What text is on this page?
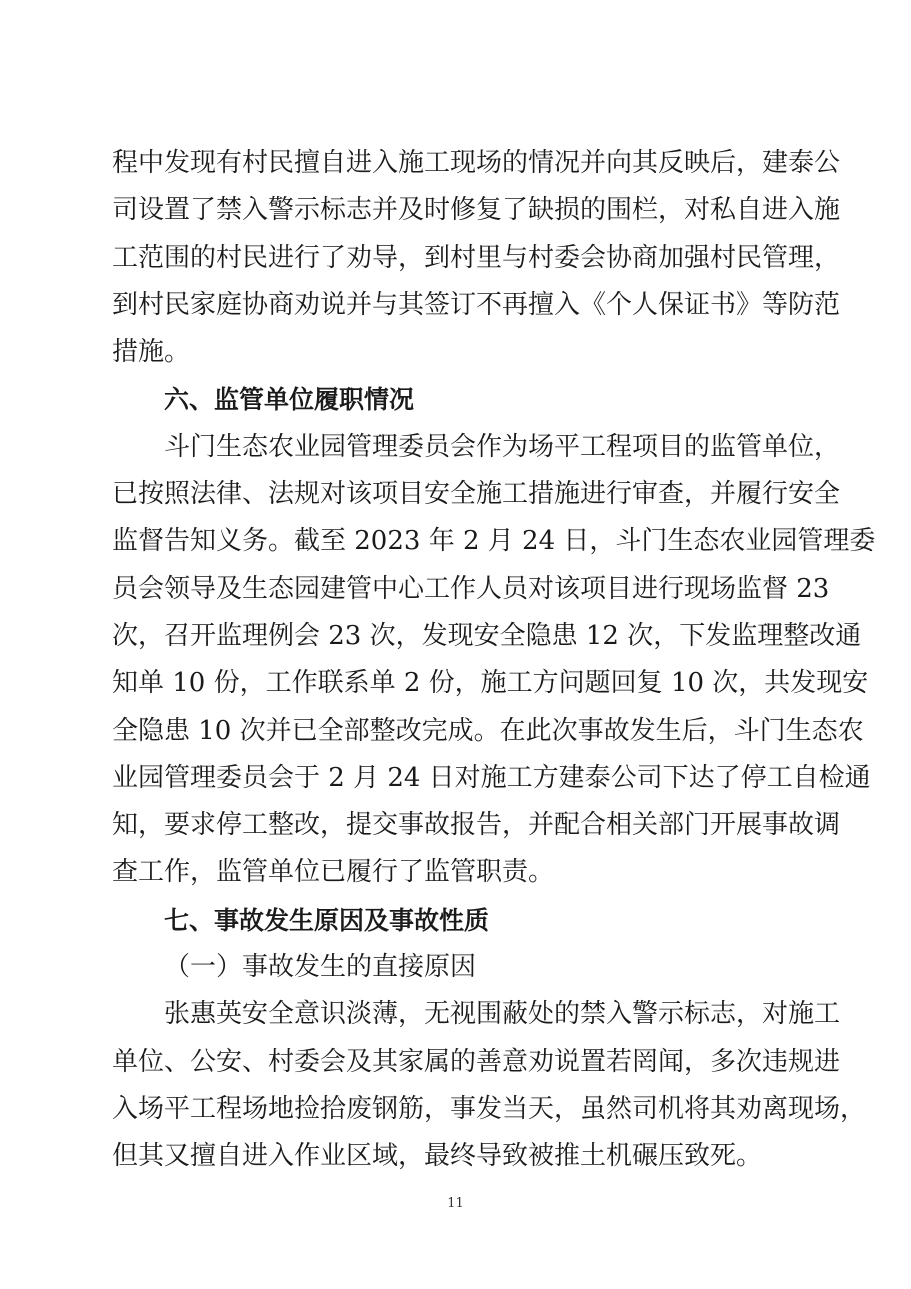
程中发现有村民擅自进入施工现场的情况并向其反映后，建泰公
司设置了禁入警示标志并及时修复了缺损的围栏，对私自进入施
工范围的村民进行了劝导，到村里与村委会协商加强村民管理，
到村民家庭协商劝说并与其签订不再擅入《个人保证书》等防范
措施。
六、监管单位履职情况
斗门生态农业园管理委员会作为场平工程项目的监管单位，
已按照法律、法规对该项目安全施工措施进行审查，并履行安全
监督告知义务。截至 2023 年 2 月 24 日，斗门生态农业园管理委
员会领导及生态园建管中心工作人员对该项目进行现场监督 23
次，召开监理例会 23 次，发现安全隐患 12 次，下发监理整改通
知单 10 份，工作联系单 2 份，施工方问题回复 10 次，共发现安
全隐患 10 次并已全部整改完成。在此次事故发生后，斗门生态农
业园管理委员会于 2 月 24 日对施工方建泰公司下达了停工自检通
知，要求停工整改，提交事故报告，并配合相关部门开展事故调
查工作，监管单位已履行了监管职责。
七、事故发生原因及事故性质
（一）事故发生的直接原因
张惠英安全意识淡薄，无视围蔽处的禁入警示标志，对施工
单位、公安、村委会及其家属的善意劝说置若罔闻，多次违规进
入场平工程场地捡拾废钢筋，事发当天，虽然司机将其劝离现场，
但其又擅自进入作业区域，最终导致被推土机碾压致死。
11
